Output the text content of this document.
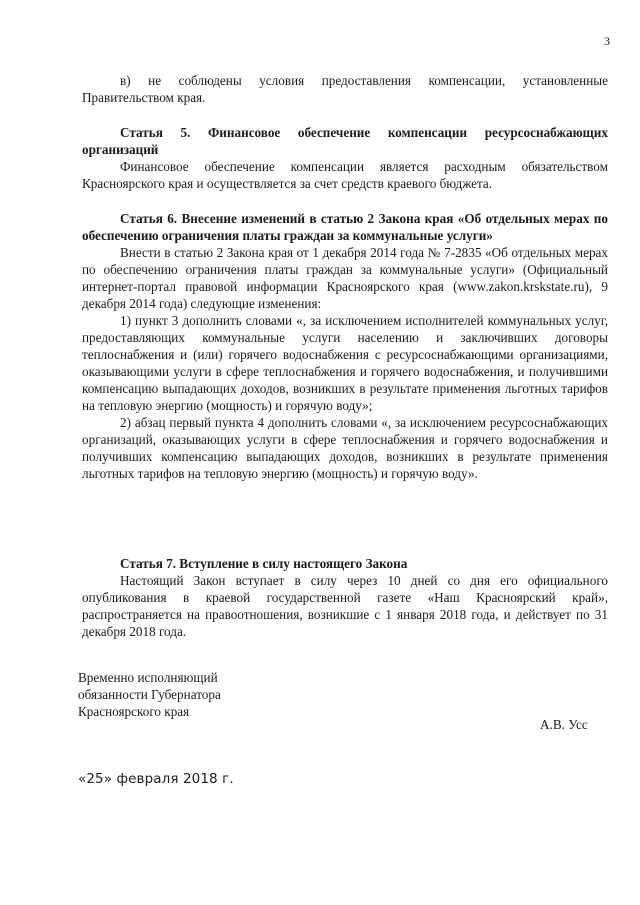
3

в) не соблюдены условия предоставления компенсации, установленные Правительством края.

Статья 5. Финансовое обеспечение компенсации ресурсоснабжающих организаций

Финансовое обеспечение компенсации является расходным обязательством Красноярского края и осуществляется за счет средств краевого бюджета.

Статья 6. Внесение изменений в статью 2 Закона края «Об отдельных мерах по обеспечению ограничения платы граждан за коммунальные услуги»

Внести в статью 2 Закона края от 1 декабря 2014 года № 7-2835 «Об отдельных мерах по обеспечению ограничения платы граждан за коммунальные услуги» (Официальный интернет-портал правовой информации Красноярского края (www.zakon.krskstate.ru), 9 декабря 2014 года) следующие изменения:

1) пункт 3 дополнить словами «, за исключением исполнителей коммунальных услуг, предоставляющих коммунальные услуги населению и заключивших договоры теплоснабжения и (или) горячего водоснабжения с ресурсоснабжающими организациями, оказывающими услуги в сфере теплоснабжения и горячего водоснабжения, и получившими компенсацию выпадающих доходов, возникших в результате применения льготных тарифов на тепловую энергию (мощность) и горячую воду»;

2) абзац первый пункта 4 дополнить словами «, за исключением ресурсоснабжающих организаций, оказывающих услуги в сфере теплоснабжения и горячего водоснабжения и получивших компенсацию выпадающих доходов, возникших в результате применения льготных тарифов на тепловую энергию (мощность) и горячую воду».

Статья 7. Вступление в силу настоящего Закона

Настоящий Закон вступает в силу через 10 дней со дня его официального опубликования в краевой государственной газете «Наш Красноярский край», распространяется на правоотношения, возникшие с 1 января 2018 года, и действует по 31 декабря 2018 года.

Временно исполняющий
обязанности Губернатора
Красноярского края
А.В. Усс
«25» февраля 2018 г.
